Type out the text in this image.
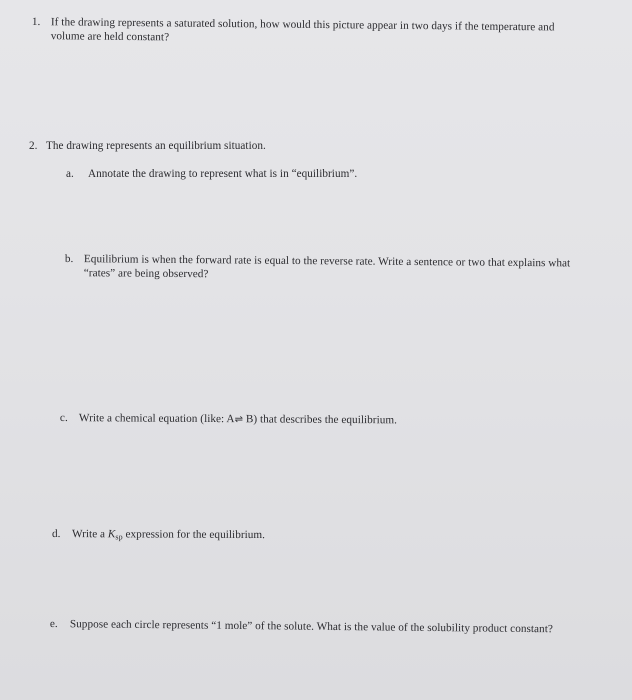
1. If the drawing represents a saturated solution, how would this picture appear in two days if the temperature and volume are held constant?
2. The drawing represents an equilibrium situation.
a. Annotate the drawing to represent what is in “equilibrium”.
b. Equilibrium is when the forward rate is equal to the reverse rate. Write a sentence or two that explains what “rates” are being observed?
c. Write a chemical equation (like: A⇌ B) that describes the equilibrium.
d. Write a $K_{sp}$ expression for the equilibrium.
e. Suppose each circle represents “1 mole” of the solute. What is the value of the solubility product constant?
